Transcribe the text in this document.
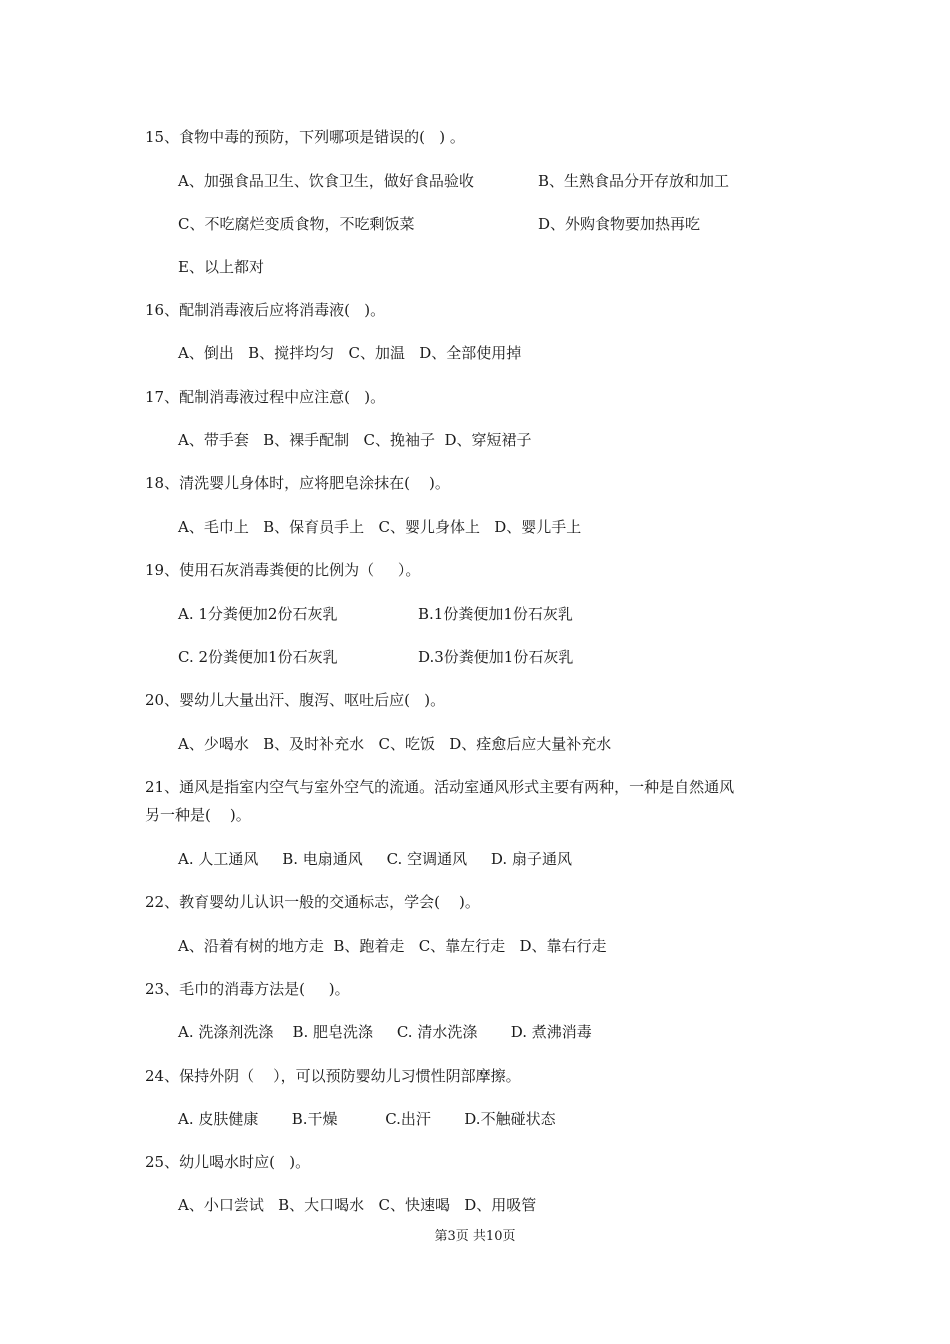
15、食物中毒的预防，下列哪项是错误的(   ) 。
A、加强食品卫生、饮食卫生，做好食品验收	B、生熟食品分开存放和加工
C、不吃腐烂变质食物，不吃剩饭菜	D、外购食物要加热再吃
E、以上都对
16、配制消毒液后应将消毒液(   )。
A、倒出   B、搅拌均匀   C、加温   D、全部使用掉
17、配制消毒液过程中应注意(   )。
A、带手套   B、裸手配制   C、挽袖子  D、穿短裙子
18、清洗婴儿身体时，应将肥皂涂抹在(    )。
A、毛巾上   B、保育员手上   C、婴儿身体上   D、婴儿手上
19、使用石灰消毒粪便的比例为（     ）。
A. 1分粪便加2份石灰乳	B.1份粪便加1份石灰乳
C. 2份粪便加1份石灰乳	D.3份粪便加1份石灰乳
20、婴幼儿大量出汗、腹泻、呕吐后应(   )。
A、少喝水   B、及时补充水   C、吃饭   D、痊愈后应大量补充水
21、通风是指室内空气与室外空气的流通。活动室通风形式主要有两种，一种是自然通风
另一种是(    )。
A. 人工通风     B. 电扇通风     C. 空调通风     D. 扇子通风
22、教育婴幼儿认识一般的交通标志，学会(    )。
A、沿着有树的地方走  B、跑着走   C、靠左行走   D、靠右行走
23、毛巾的消毒方法是(     )。
A. 洗涤剂洗涤    B. 肥皂洗涤     C. 清水洗涤       D. 煮沸消毒
24、保持外阴（    ），可以预防婴幼儿习惯性阴部摩擦。
A. 皮肤健康       B.干燥          C.出汗       D.不触碰状态
25、幼儿喝水时应(   )。
A、小口尝试   B、大口喝水   C、快速喝   D、用吸管
第3页 共10页
